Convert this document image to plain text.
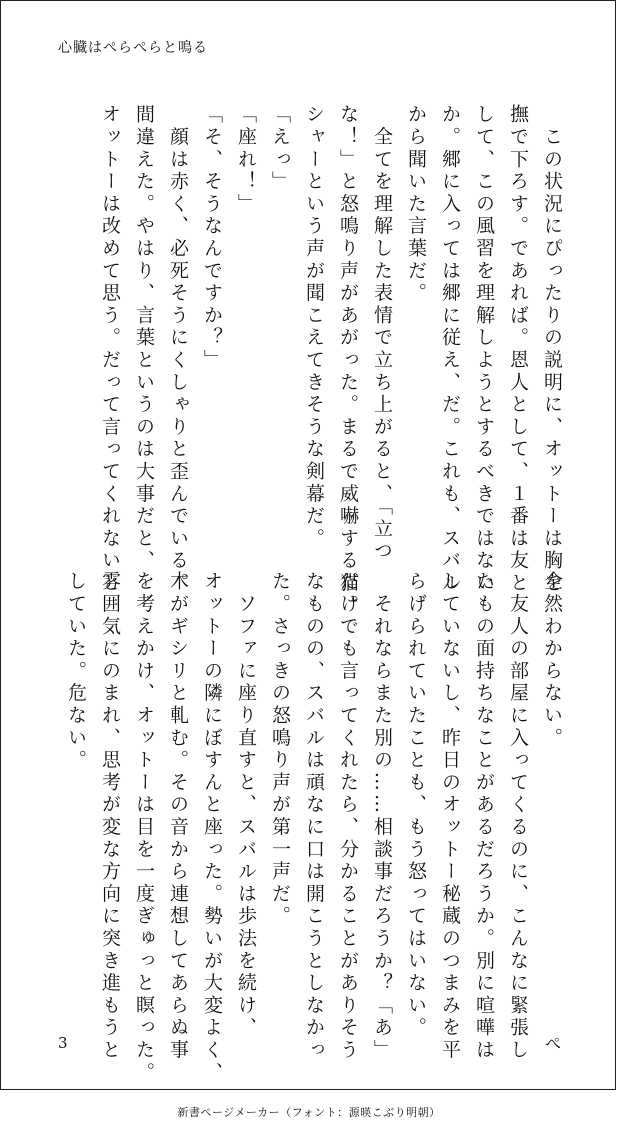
心臓はぺらぺらと鳴る
　この状況にぴったりの説明に、オットーは胸を
撫で下ろす。であれば。恩人として、１番は友と
して、この風習を理解しようとするべきではない
か。郷に入っては郷に従え、だ。これも、スバル
から聞いた言葉だ。
　全てを理解した表情で立ち上がると、「立つ
な！」と怒鳴り声があがった。まるで威嚇する猫。
シャーという声が聞こえてきそうな剣幕だ。
「えっ」
「座れ！」
「そ、そうなんですか？」
　顔は赤く、必死そうにくしゃりと歪んでいる。
間違えた。やはり、言葉というのは大事だと、
オットーは改めて思う。だって言ってくれないと
全然わからない。
　友人の部屋に入ってくるのに、こんなに緊張し
たもの面持ちなことがあるだろうか。別に喧嘩は
していないし、昨日のオットー秘蔵のつまみを平
らげられていたことも、もう怒ってはいない。
　それならまた別の……相談事だろうか？「あ」
だけでも言ってくれたら、分かることがありそう
なものの、スバルは頑なに口は開こうとしなかっ
た。さっきの怒鳴り声が第一声だ。
　ソファに座り直すと、スバルは歩法を続け、
オットーの隣にぼすんと座った。勢いが大変よく、
木がギシリと軋む。その音から連想してあらぬ事
を考えかけ、オットーは目を一度ぎゅっと瞑った。
雰囲気にのまれ、思考が変な方向に突き進もうと
していた。危ない。
3	ぺ
新書ページメーカー（フォント：源暎こぶり明朝）
